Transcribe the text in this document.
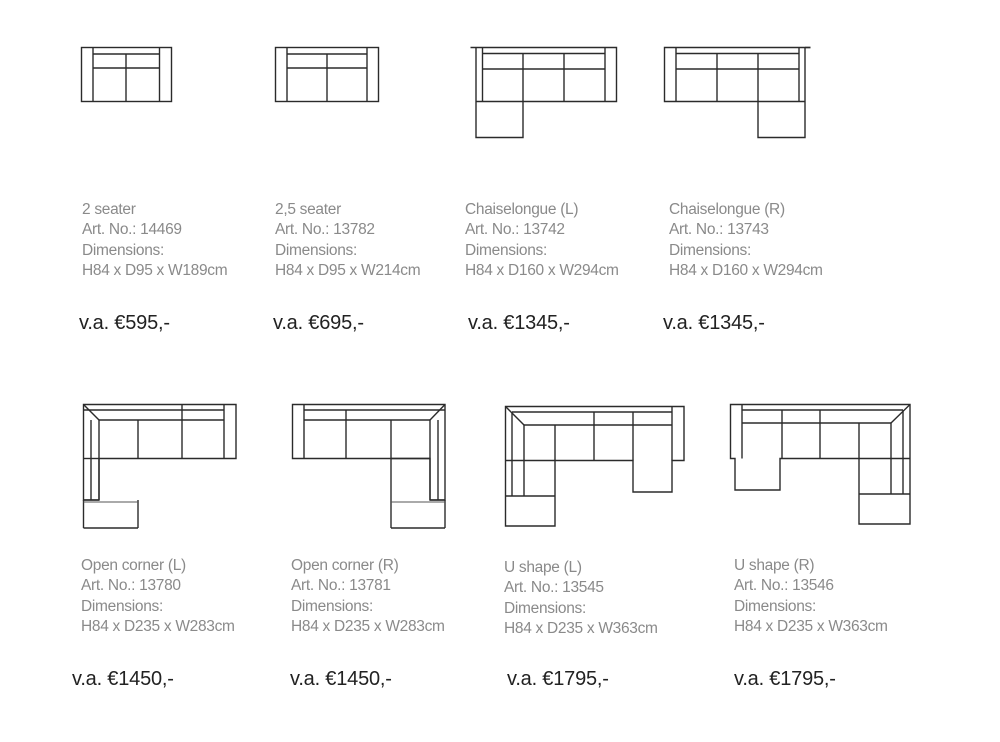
2 seater
Art. No.: 14469
Dimensions:
H84 x D95 x W189cm
v.a. €595,-
2,5 seater
Art. No.: 13782
Dimensions:
H84 x D95 x W214cm
v.a. €695,-
Chaiselongue (L)
Art. No.: 13742
Dimensions:
H84 x D160 x W294cm
v.a. €1345,-
Chaiselongue (R)
Art. No.: 13743
Dimensions:
H84 x D160 x W294cm
v.a. €1345,-
Open corner (L)
Art. No.: 13780
Dimensions:
H84 x D235 x W283cm
v.a. €1450,-
Open corner (R)
Art. No.: 13781
Dimensions:
H84 x D235 x W283cm
v.a. €1450,-
U shape (L)
Art. No.: 13545
Dimensions:
H84 x D235 x W363cm
v.a. €1795,-
U shape (R)
Art. No.: 13546
Dimensions:
H84 x D235 x W363cm
v.a. €1795,-
